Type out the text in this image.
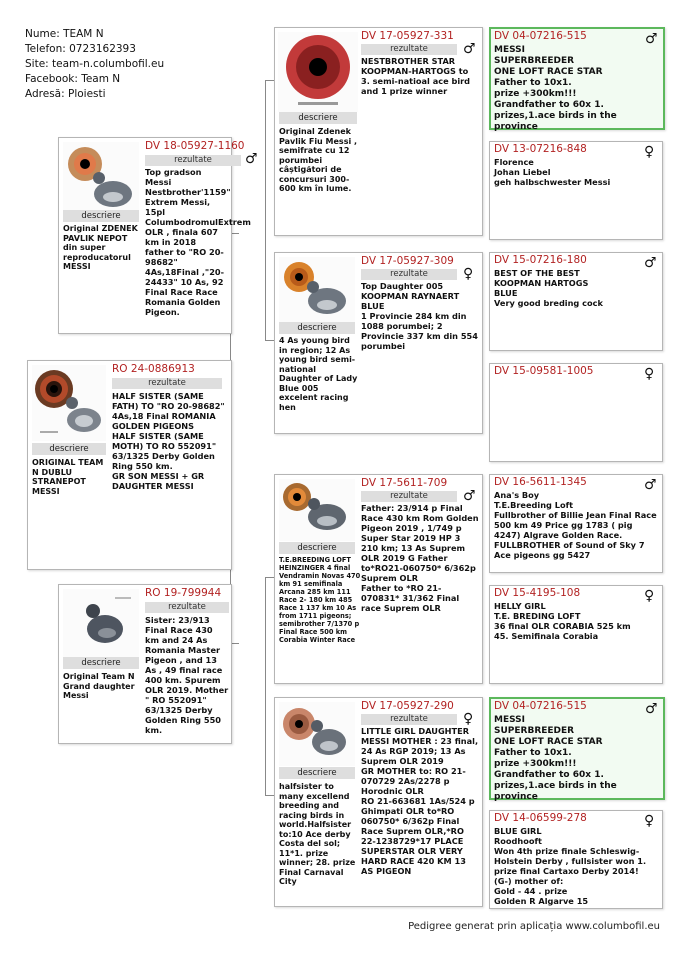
Nume: TEAM N
Telefon: 0723162393
Site: team-n.columbofil.eu
Facebook: Team N
Adresă: Ploiesti
descriere
ORIGINAL TEAM N DUBLU STRANEPOT MESSI
RO 24-0886913
rezultate
HALF SISTER (SAME FATH) TO "RO 20-98682" 4As,18 Final ROMANIA GOLDEN PIGEONS
HALF SISTER (SAME MOTH) TO RO 552091" 63/1325 Derby Golden Ring 550 km.
GR SON MESSI + GR DAUGHTER MESSI
descriere
Original ZDENEK PAVLIK NEPOT din super reproducatorul MESSI
DV 18-05927-1160
♂
rezultate
Top gradson Messi Nestbrother'1159" Extrem Messi, 15pl ColumbodromulExtrem OLR , finala 607 km in 2018
father to "RO 20-98682" 4As,18Final ,"20-24433" 10 As, 92 Final Race Race Romania Golden Pigeon.
descriere
Original Team N Grand daughter Messi
RO 19-799944
rezultate
Sister: 23/913 Final Race 430 km and 24 As Romania Master Pigeon , and 13 As , 49 final race 400 km. Spurem OLR 2019. Mother " RO 552091" 63/1325 Derby Golden Ring 550 km.
descriere
Original Zdenek Pavlik Fiu Messi , semifrate cu 12 porumbei câștigători de concursuri 300-600 km în lume.
DV 17-05927-331
♂
rezultate
NESTBROTHER STAR KOOPMAN-HARTOGS to 3. semi-natioal ace bird and 1 prize winner
descriere
4 As young bird in region; 12 As young bird semi-national Daughter of Lady Blue 005 excelent racing hen
DV 17-05927-309
♀
rezultate
Top Daughter 005 KOOPMAN RAYNAERT BLUE
1 Provincie 284 km din 1088 porumbei; 2 Provincie 337 km din 554 porumbei
descriere
T.E.BREEDING LOFT HEINZINGER 4 final Vendramin Novas 470 km 91 semifinala Arcana 285 km 111 Race 2- 180 km 485 Race 1 137 km 10 As from 1711 pigeons; semibrother 7/1370 p Final Race 500 km Corabia Winter Race
DV 17-5611-709
♂
rezultate
Father: 23/914 p Final Race 430 km Rom Golden Pigeon 2019 , 1/749 p Super Star 2019 HP 3 210 km; 13 As Suprem OLR 2019 G Father to*RO21-060750* 6/362p Suprem OLR
Father to *RO 21-070831* 31/362 Final race Suprem OLR
descriere
halfsister to many excellend breeding and racing birds in world.Halfsister to:10 Ace derby Costa del sol; 11*1. prize winner; 28. prize Final Carnaval City
DV 17-05927-290
♀
rezultate
LITTLE GIRL DAUGHTER MESSI MOTHER : 23 final, 24 As RGP 2019; 13 As Suprem OLR 2019
GR MOTHER to: RO 21-070729 2As/2278 p Horodnic OLR
RO 21-663681 1As/524 p Ghimpati OLR to*RO 060750* 6/362p Final Race Suprem OLR,*RO 22-1238729*17 PLACE SUPERSTAR OLR VERY HARD RACE 420 KM 13 AS PIGEON
DV 04-07216-515	♂
MESSI
SUPERBREEDER
ONE LOFT RACE STAR
Father to 10x1.
prize +300km!!!
Grandfather to 60x 1. prizes,1.ace birds in the province
DV 13-07216-848	♀
Florence
Johan Liebel
geh halbschwester Messi
DV 15-07216-180	♂
BEST OF THE BEST
KOOPMAN HARTOGS
BLUE
Very good breding cock
DV 15-09581-1005	♀
DV 16-5611-1345	♂
Ana's Boy
T.E.Breeding Loft
Fullbrother of Billie Jean Final Race 500 km 49 Price gg 1783 ( pig 4247) Algrave Golden Race. FULLBROTHER of Sound of Sky 7 Ace pigeons gg 5427
DV 15-4195-108	♀
HELLY GIRL
T.E. BREDING LOFT
36 final OLR CORABIA 525 km
45. Semifinala Corabia
DV 04-07216-515	♂
MESSI
SUPERBREEDER
ONE LOFT RACE STAR
Father to 10x1.
prize +300km!!!
Grandfather to 60x 1. prizes,1.ace birds in the province
DV 14-06599-278	♀
BLUE GIRL
Roodhooft
Won 4th prize finale Schleswig-Holstein Derby , fullsister won 1.
prize final Cartaxo Derby 2014!
(G-) mother of:
Gold - 44 . prize
Golden R Algarve 15
Pedigree generat prin aplicația www.columbofil.eu
